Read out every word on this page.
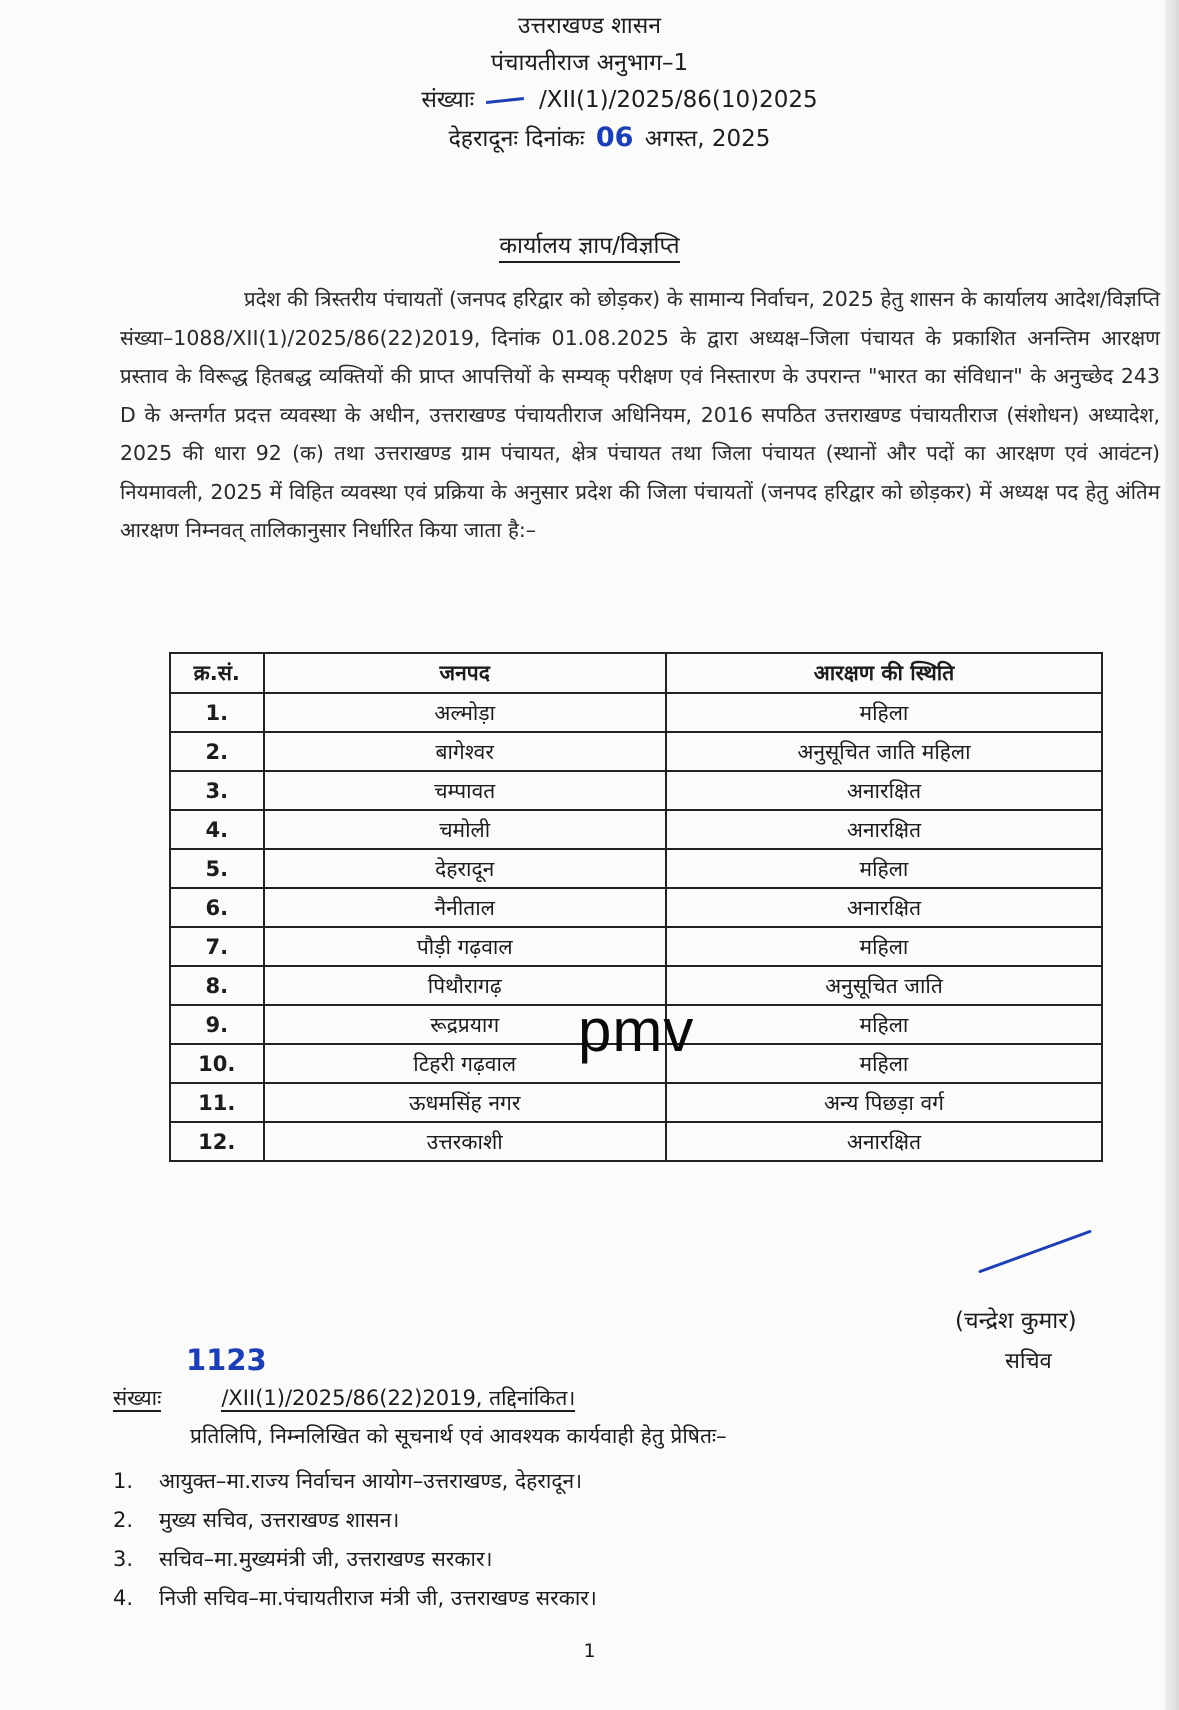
उत्तराखण्ड शासन
पंचायतीराज अनुभाग–1
संख्याः	/XII(1)/2025/86(10)2025
देहरादूनः दिनांकः 06 अगस्त, 2025
कार्यालय ज्ञाप/विज्ञप्ति
प्रदेश की त्रिस्तरीय पंचायतों (जनपद हरिद्वार को छोड़कर) के सामान्य निर्वाचन, 2025 हेतु शासन के कार्यालय आदेश/विज्ञप्ति संख्या–1088/XII(1)/2025/86(22)2019, दिनांक 01.08.2025 के द्वारा अध्यक्ष–जिला पंचायत के प्रकाशित अनन्तिम आरक्षण प्रस्ताव के विरूद्ध हितबद्ध व्यक्तियों की प्राप्त आपत्तियों के सम्यक् परीक्षण एवं निस्तारण के उपरान्त "भारत का संविधान" के अनुच्छेद 243 D के अन्तर्गत प्रदत्त व्यवस्था के अधीन, उत्तराखण्ड पंचायतीराज अधिनियम, 2016 सपठित उत्तराखण्ड पंचायतीराज (संशोधन) अध्यादेश, 2025 की धारा 92 (क) तथा उत्तराखण्ड ग्राम पंचायत, क्षेत्र पंचायत तथा जिला पंचायत (स्थानों और पदों का आरक्षण एवं आवंटन) नियमावली, 2025 में विहित व्यवस्था एवं प्रक्रिया के अनुसार प्रदेश की जिला पंचायतों (जनपद हरिद्वार को छोड़कर) में अध्यक्ष पद हेतु अंतिम आरक्षण निम्नवत् तालिकानुसार निर्धारित किया जाता है:–
क्र.सं.	जनपद	आरक्षण की स्थिति
1.	अल्मोड़ा	महिला
2.	बागेश्वर	अनुसूचित जाति महिला
3.	चम्पावत	अनारक्षित
4.	चमोली	अनारक्षित
5.	देहरादून	महिला
6.	नैनीताल	अनारक्षित
7.	पौड़ी गढ़वाल	महिला
8.	पिथौरागढ़	अनुसूचित जाति
9.	रूद्रप्रयाग	महिला
10.	टिहरी गढ़वाल	महिला
11.	ऊधमसिंह नगर	अन्य पिछड़ा वर्ग
12.	उत्तरकाशी	अनारक्षित
pmv
(चन्द्रेश कुमार)
सचिव
1123
संख्याः	/XII(1)/2025/86(22)2019, तद्दिनांकित।
प्रतिलिपि, निम्नलिखित को सूचनार्थ एवं आवश्यक कार्यवाही हेतु प्रेषितः–
1. आयुक्त–मा.राज्य निर्वाचन आयोग–उत्तराखण्ड, देहरादून।
2. मुख्य सचिव, उत्तराखण्ड शासन।
3. सचिव–मा.मुख्यमंत्री जी, उत्तराखण्ड सरकार।
4. निजी सचिव–मा.पंचायतीराज मंत्री जी, उत्तराखण्ड सरकार।
1
